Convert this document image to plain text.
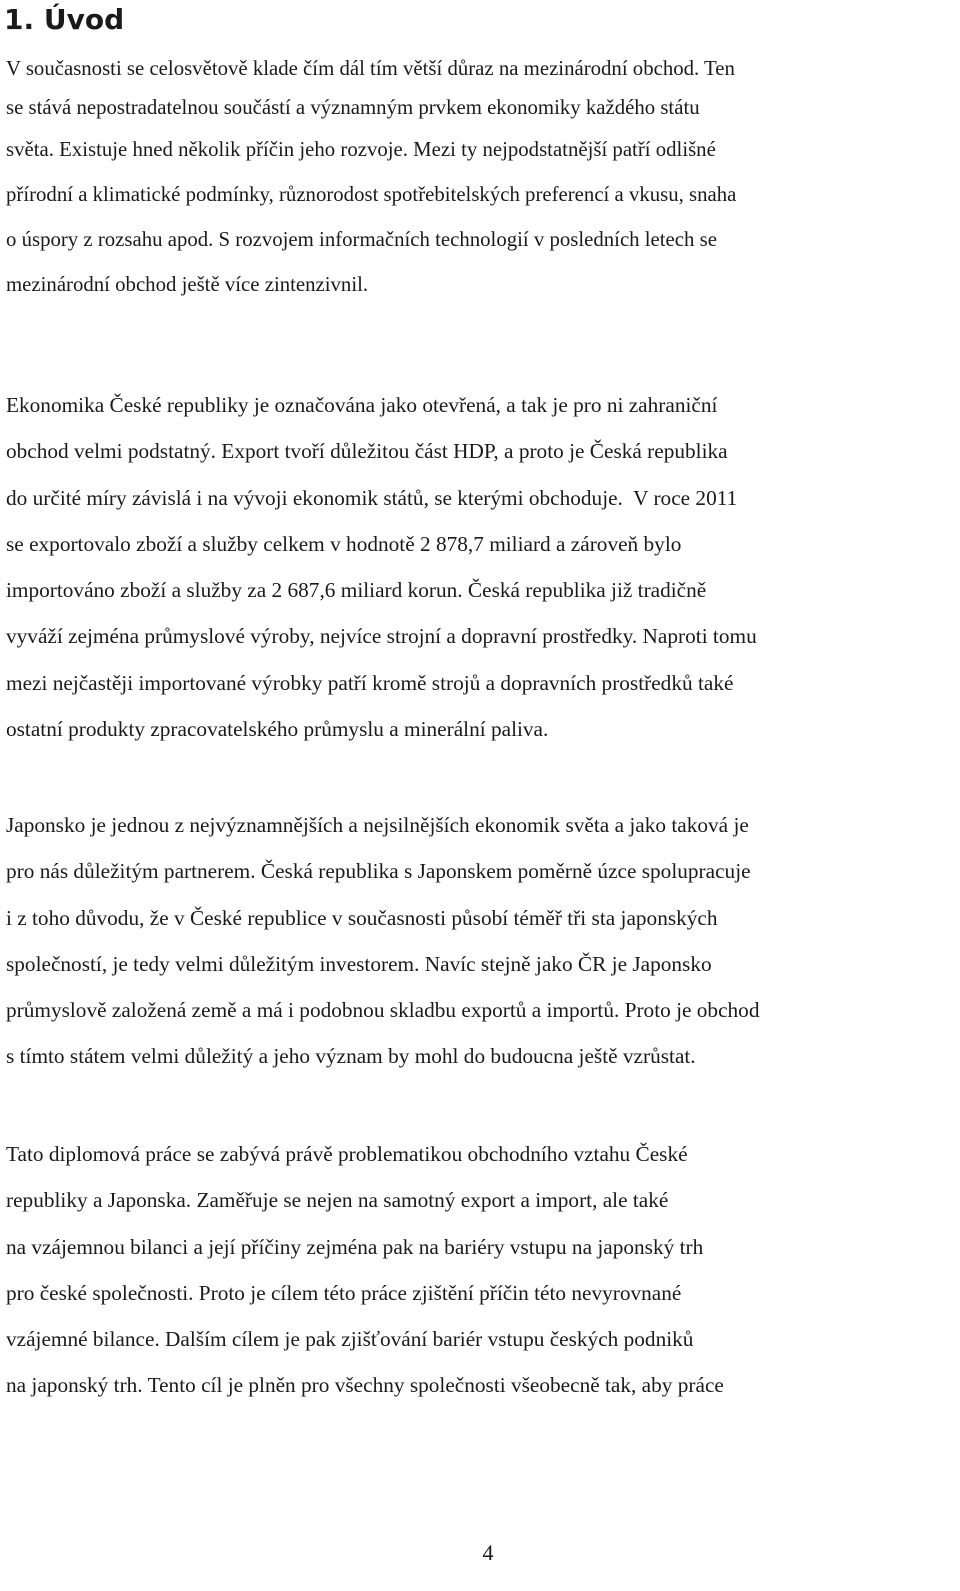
1. Úvod

V současnosti se celosvětově klade čím dál tím větší důraz na mezinárodní obchod. Ten
se stává nepostradatelnou součástí a významným prvkem ekonomiky každého státu
světa. Existuje hned několik příčin jeho rozvoje. Mezi ty nejpodstatnější patří odlišné
přírodní a klimatické podmínky, různorodost spotřebitelských preferencí a vkusu, snaha
o úspory z rozsahu apod. S rozvojem informačních technologií v posledních letech se
mezinárodní obchod ještě více zintenzivnil.

Ekonomika České republiky je označována jako otevřená, a tak je pro ni zahraniční
obchod velmi podstatný. Export tvoří důležitou část HDP, a proto je Česká republika
do určité míry závislá i na vývoji ekonomik států, se kterými obchoduje.  V roce 2011
se exportovalo zboží a služby celkem v hodnotě 2 878,7 miliard a zároveň bylo
importováno zboží a služby za 2 687,6 miliard korun. Česká republika již tradičně
vyváží zejména průmyslové výroby, nejvíce strojní a dopravní prostředky. Naproti tomu
mezi nejčastěji importované výrobky patří kromě strojů a dopravních prostředků také
ostatní produkty zpracovatelského průmyslu a minerální paliva.

Japonsko je jednou z nejvýznamnějších a nejsilnějších ekonomik světa a jako taková je
pro nás důležitým partnerem. Česká republika s Japonskem poměrně úzce spolupracuje
i z toho důvodu, že v České republice v současnosti působí téměř tři sta japonských
společností, je tedy velmi důležitým investorem. Navíc stejně jako ČR je Japonsko
průmyslově založená země a má i podobnou skladbu exportů a importů. Proto je obchod
s tímto státem velmi důležitý a jeho význam by mohl do budoucna ještě vzrůstat.

Tato diplomová práce se zabývá právě problematikou obchodního vztahu České
republiky a Japonska. Zaměřuje se nejen na samotný export a import, ale také
na vzájemnou bilanci a její příčiny zejména pak na bariéry vstupu na japonský trh
pro české společnosti. Proto je cílem této práce zjištění příčin této nevyrovnané
vzájemné bilance. Dalším cílem je pak zjišťování bariér vstupu českých podniků
na japonský trh. Tento cíl je plněn pro všechny společnosti všeobecně tak, aby práce

4
